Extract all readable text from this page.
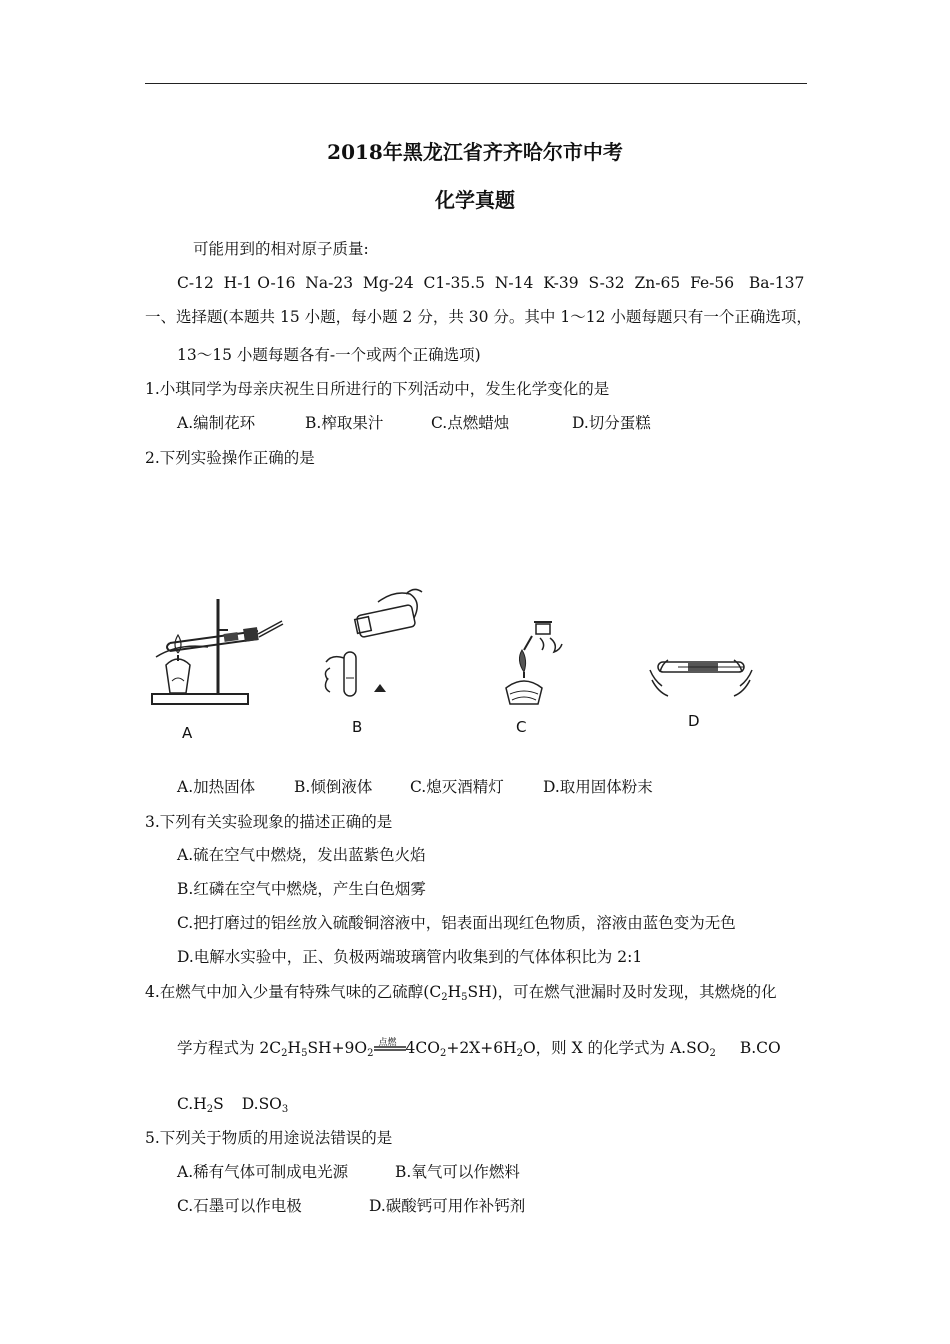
2018年黑龙江省齐齐哈尔市中考
化学真题
可能用到的相对原子质量:
C-12  H-1 O-16  Na-23  Mg-24  C1-35.5  N-14  K-39  S-32  Zn-65  Fe-56   Ba-137
一、选择题(本题共 15 小题，每小题 2 分，共 30 分。其中 1～12 小题每题只有一个正确选项，
13～15 小题每题各有-一个或两个正确选项)
1.小琪同学为母亲庆祝生日所进行的下列活动中，发生化学变化的是
A.编制花环	B.榨取果汁	C.点燃蜡烛	D.切分蛋糕
2.下列实验操作正确的是
A	B	C	D
A.加热固体	B.倾倒液体 C.熄灭酒精灯	D.取用固体粉末
3.下列有关实验现象的描述正确的是
A.硫在空气中燃烧，发出蓝紫色火焰
B.红磷在空气中燃烧，产生白色烟雾
C.把打磨过的铝丝放入硫酸铜溶液中，铝表面出现红色物质，溶液由蓝色变为无色
D.电解水实验中，正、负极两端玻璃管内收集到的气体体积比为 2:1
4.在燃气中加入少量有特殊气味的乙硫醇$(C_2H_5SH)$，可在燃气泄漏时及时发现，其燃烧的化
学方程式为 $2C_2H_5SH+9O_2$
点燃 $4CO_2+2X+6H_2O$，则 X 的化学式为 $A.SO_2$ B.CO
$C.H_2S$ $D.SO_3$
5.下列关于物质的用途说法错误的是
A.稀有气体可制成电光源	B.氧气可以作燃料
C.石墨可以作电极	D.碳酸钙可用作补钙剂
